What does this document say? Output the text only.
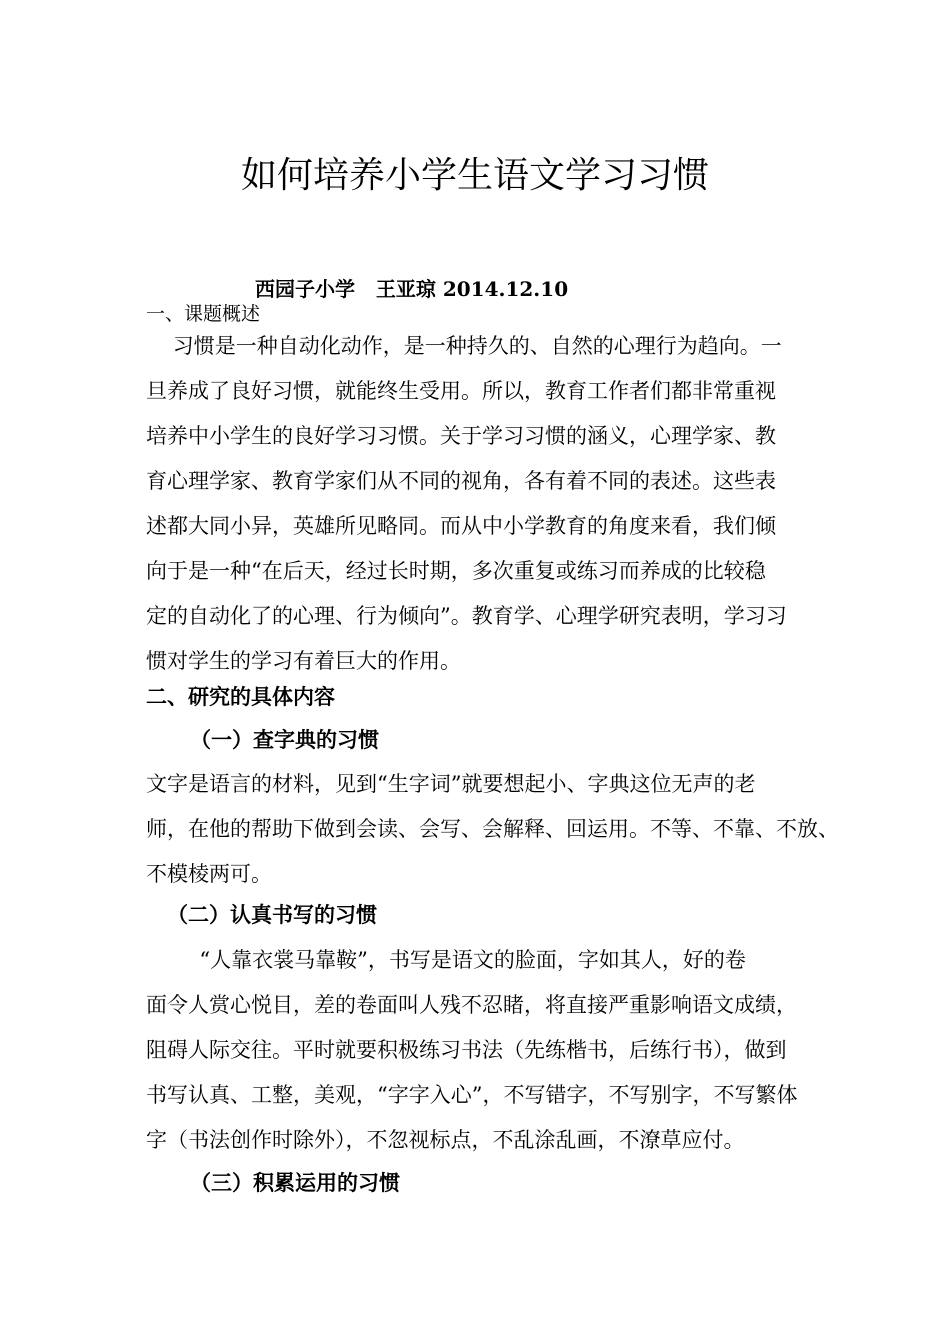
如何培养小学生语文学习习惯
西园子小学   王亚琼 2014.12.10
一、课题概述

习惯是一种自动化动作，是一种持久的、自然的心理行为趋向。一
旦养成了良好习惯，就能终生受用。所以，教育工作者们都非常重视
培养中小学生的良好学习习惯。关于学习习惯的涵义，心理学家、教
育心理学家、教育学家们从不同的视角，各有着不同的表述。这些表
述都大同小异，英雄所见略同。而从中小学教育的角度来看，我们倾
向于是一种“在后天，经过长时期，多次重复或练习而养成的比较稳
定的自动化了的心理、行为倾向”。教育学、心理学研究表明，学习习
惯对学生的学习有着巨大的作用。

二、研究的具体内容
（一）查字典的习惯

文字是语言的材料，见到“生字词”就要想起小、字典这位无声的老
师，在他的帮助下做到会读、会写、会解释、回运用。不等、不靠、不放、
不模棱两可。

（二）认真书写的习惯

“人靠衣裳马靠鞍”，书写是语文的脸面，字如其人，好的卷
面令人赏心悦目，差的卷面叫人残不忍睹，将直接严重影响语文成绩，
阻碍人际交往。平时就要积极练习书法（先练楷书，后练行书），做到
书写认真、工整，美观，“字字入心”，不写错字，不写别字，不写繁体
字（书法创作时除外），不忽视标点，不乱涂乱画，不潦草应付。

（三）积累运用的习惯
